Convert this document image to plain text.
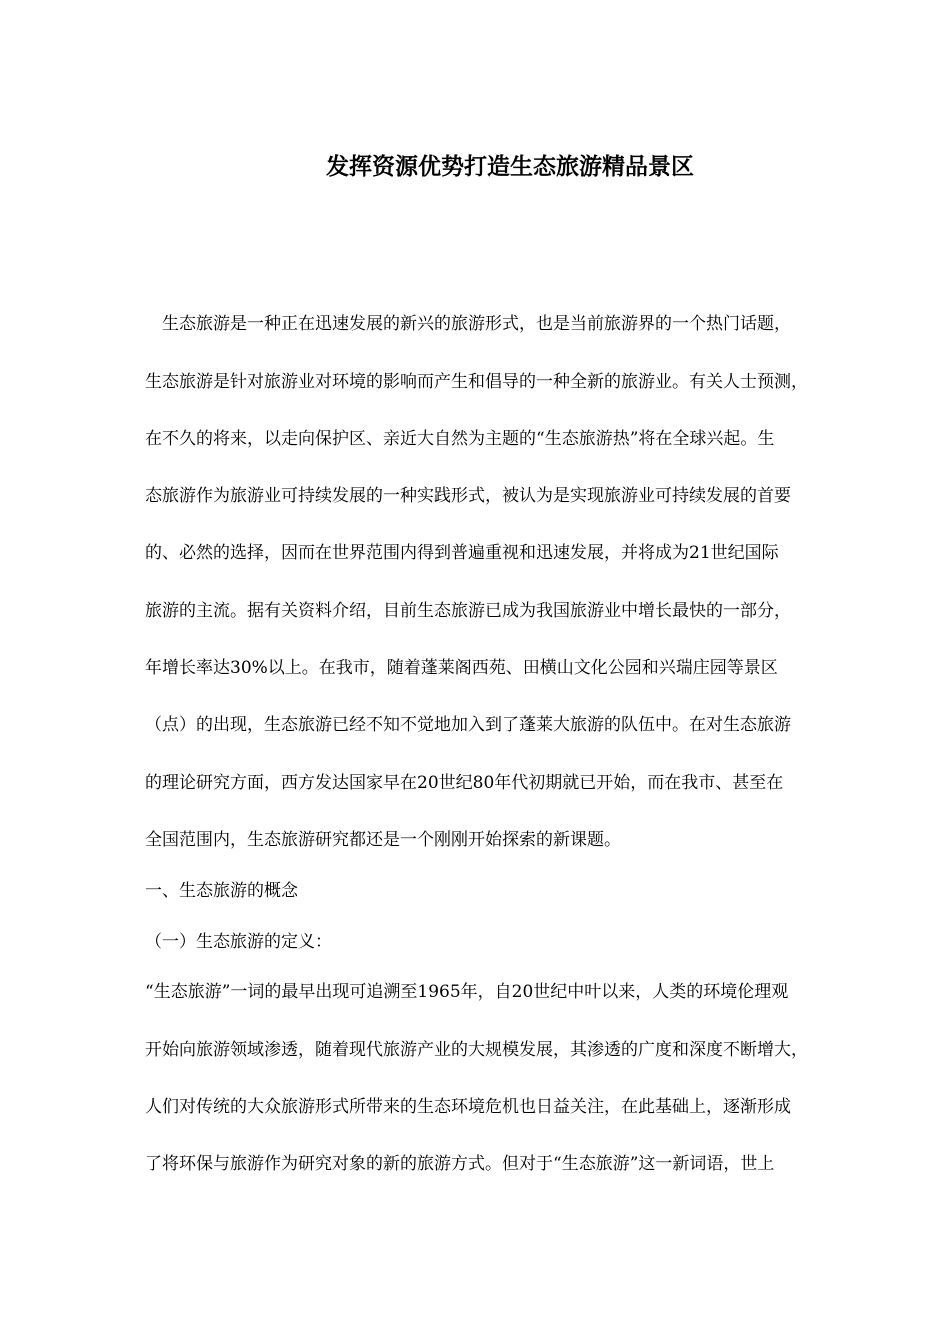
发挥资源优势打造生态旅游精品景区
　生态旅游是一种正在迅速发展的新兴的旅游形式，也是当前旅游界的一个热门话题，
生态旅游是针对旅游业对环境的影响而产生和倡导的一种全新的旅游业。有关人士预测，
在不久的将来，以走向保护区、亲近大自然为主题的“生态旅游热”将在全球兴起。生
态旅游作为旅游业可持续发展的一种实践形式，被认为是实现旅游业可持续发展的首要
的、必然的选择，因而在世界范围内得到普遍重视和迅速发展，并将成为21世纪国际
旅游的主流。据有关资料介绍，目前生态旅游已成为我国旅游业中增长最快的一部分，
年增长率达30%以上。在我市，随着蓬莱阁西苑、田横山文化公园和兴瑞庄园等景区
（点）的出现，生态旅游已经不知不觉地加入到了蓬莱大旅游的队伍中。在对生态旅游
的理论研究方面，西方发达国家早在20世纪80年代初期就已开始，而在我市、甚至在
全国范围内，生态旅游研究都还是一个刚刚开始探索的新课题。
一、生态旅游的概念
（一）生态旅游的定义：
“生态旅游”一词的最早出现可追溯至1965年，自20世纪中叶以来，人类的环境伦理观
开始向旅游领域渗透，随着现代旅游产业的大规模发展，其渗透的广度和深度不断增大，
人们对传统的大众旅游形式所带来的生态环境危机也日益关注，在此基础上，逐渐形成
了将环保与旅游作为研究对象的新的旅游方式。但对于“生态旅游”这一新词语，世上
